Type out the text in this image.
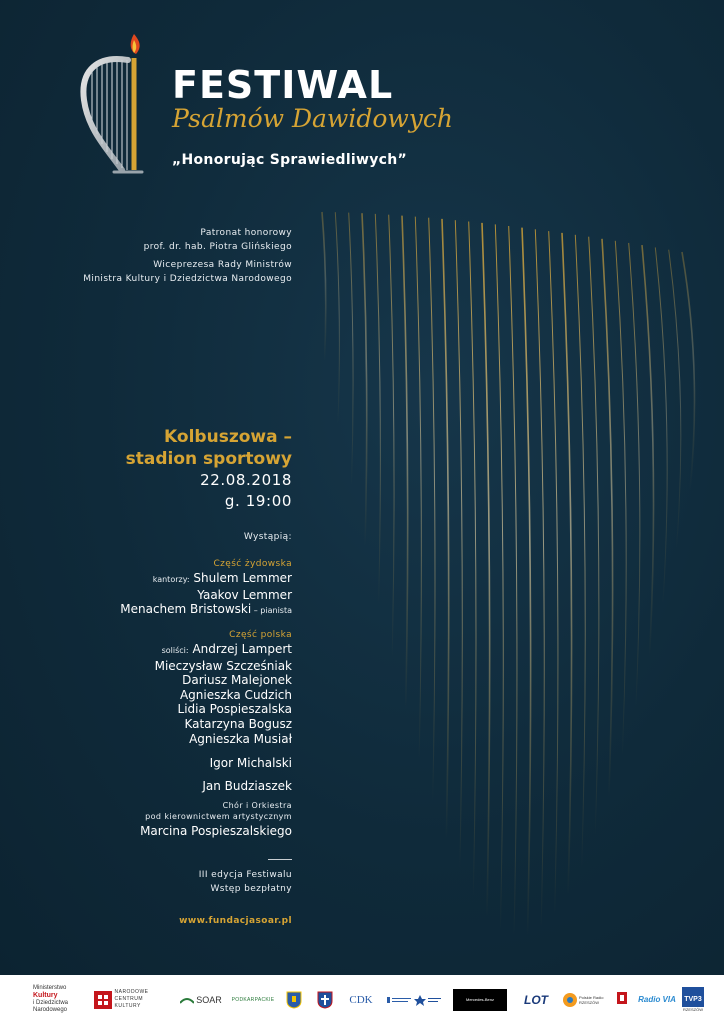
FESTIWAL
Psalmów Dawidowych
„Honorując Sprawiedliwych”
Patronat honorowy
prof. dr. hab. Piotra Glińskiego
Wiceprezesa Rady Ministrów
Ministra Kultury i Dziedzictwa Narodowego
Kolbuszowa –
stadion sportowy
22.08.2018
g. 19:00
Wystąpią:
Część żydowska
kantorzy: Shulem Lemmer
Yaakov Lemmer
Menachem Bristowski – pianista
Część polska
soliści: Andrzej Lampert
Mieczysław Szcześniak
Dariusz Malejonek
Agnieszka Cudzich
Lidia Pospieszalska
Katarzyna Bogusz
Agnieszka Musiał
Igor Michalski
Jan Budziaszek
Chór i Orkiestra
pod kierownictwem artystycznym
Marcina Pospieszalskiego
III edycja Festiwalu
Wstęp bezpłatny
www.fundacjasoar.pl
Ministerstwo
Kultury
i Dziedzictwa
Narodowego
NARODOWE
CENTRUM
KULTURY
SOAR PODKARPACKIE	CDK	Mercedes-Benz	LOT	Polskie Radio RZESZÓW	Radio VIA TVP3
RZESZÓW
